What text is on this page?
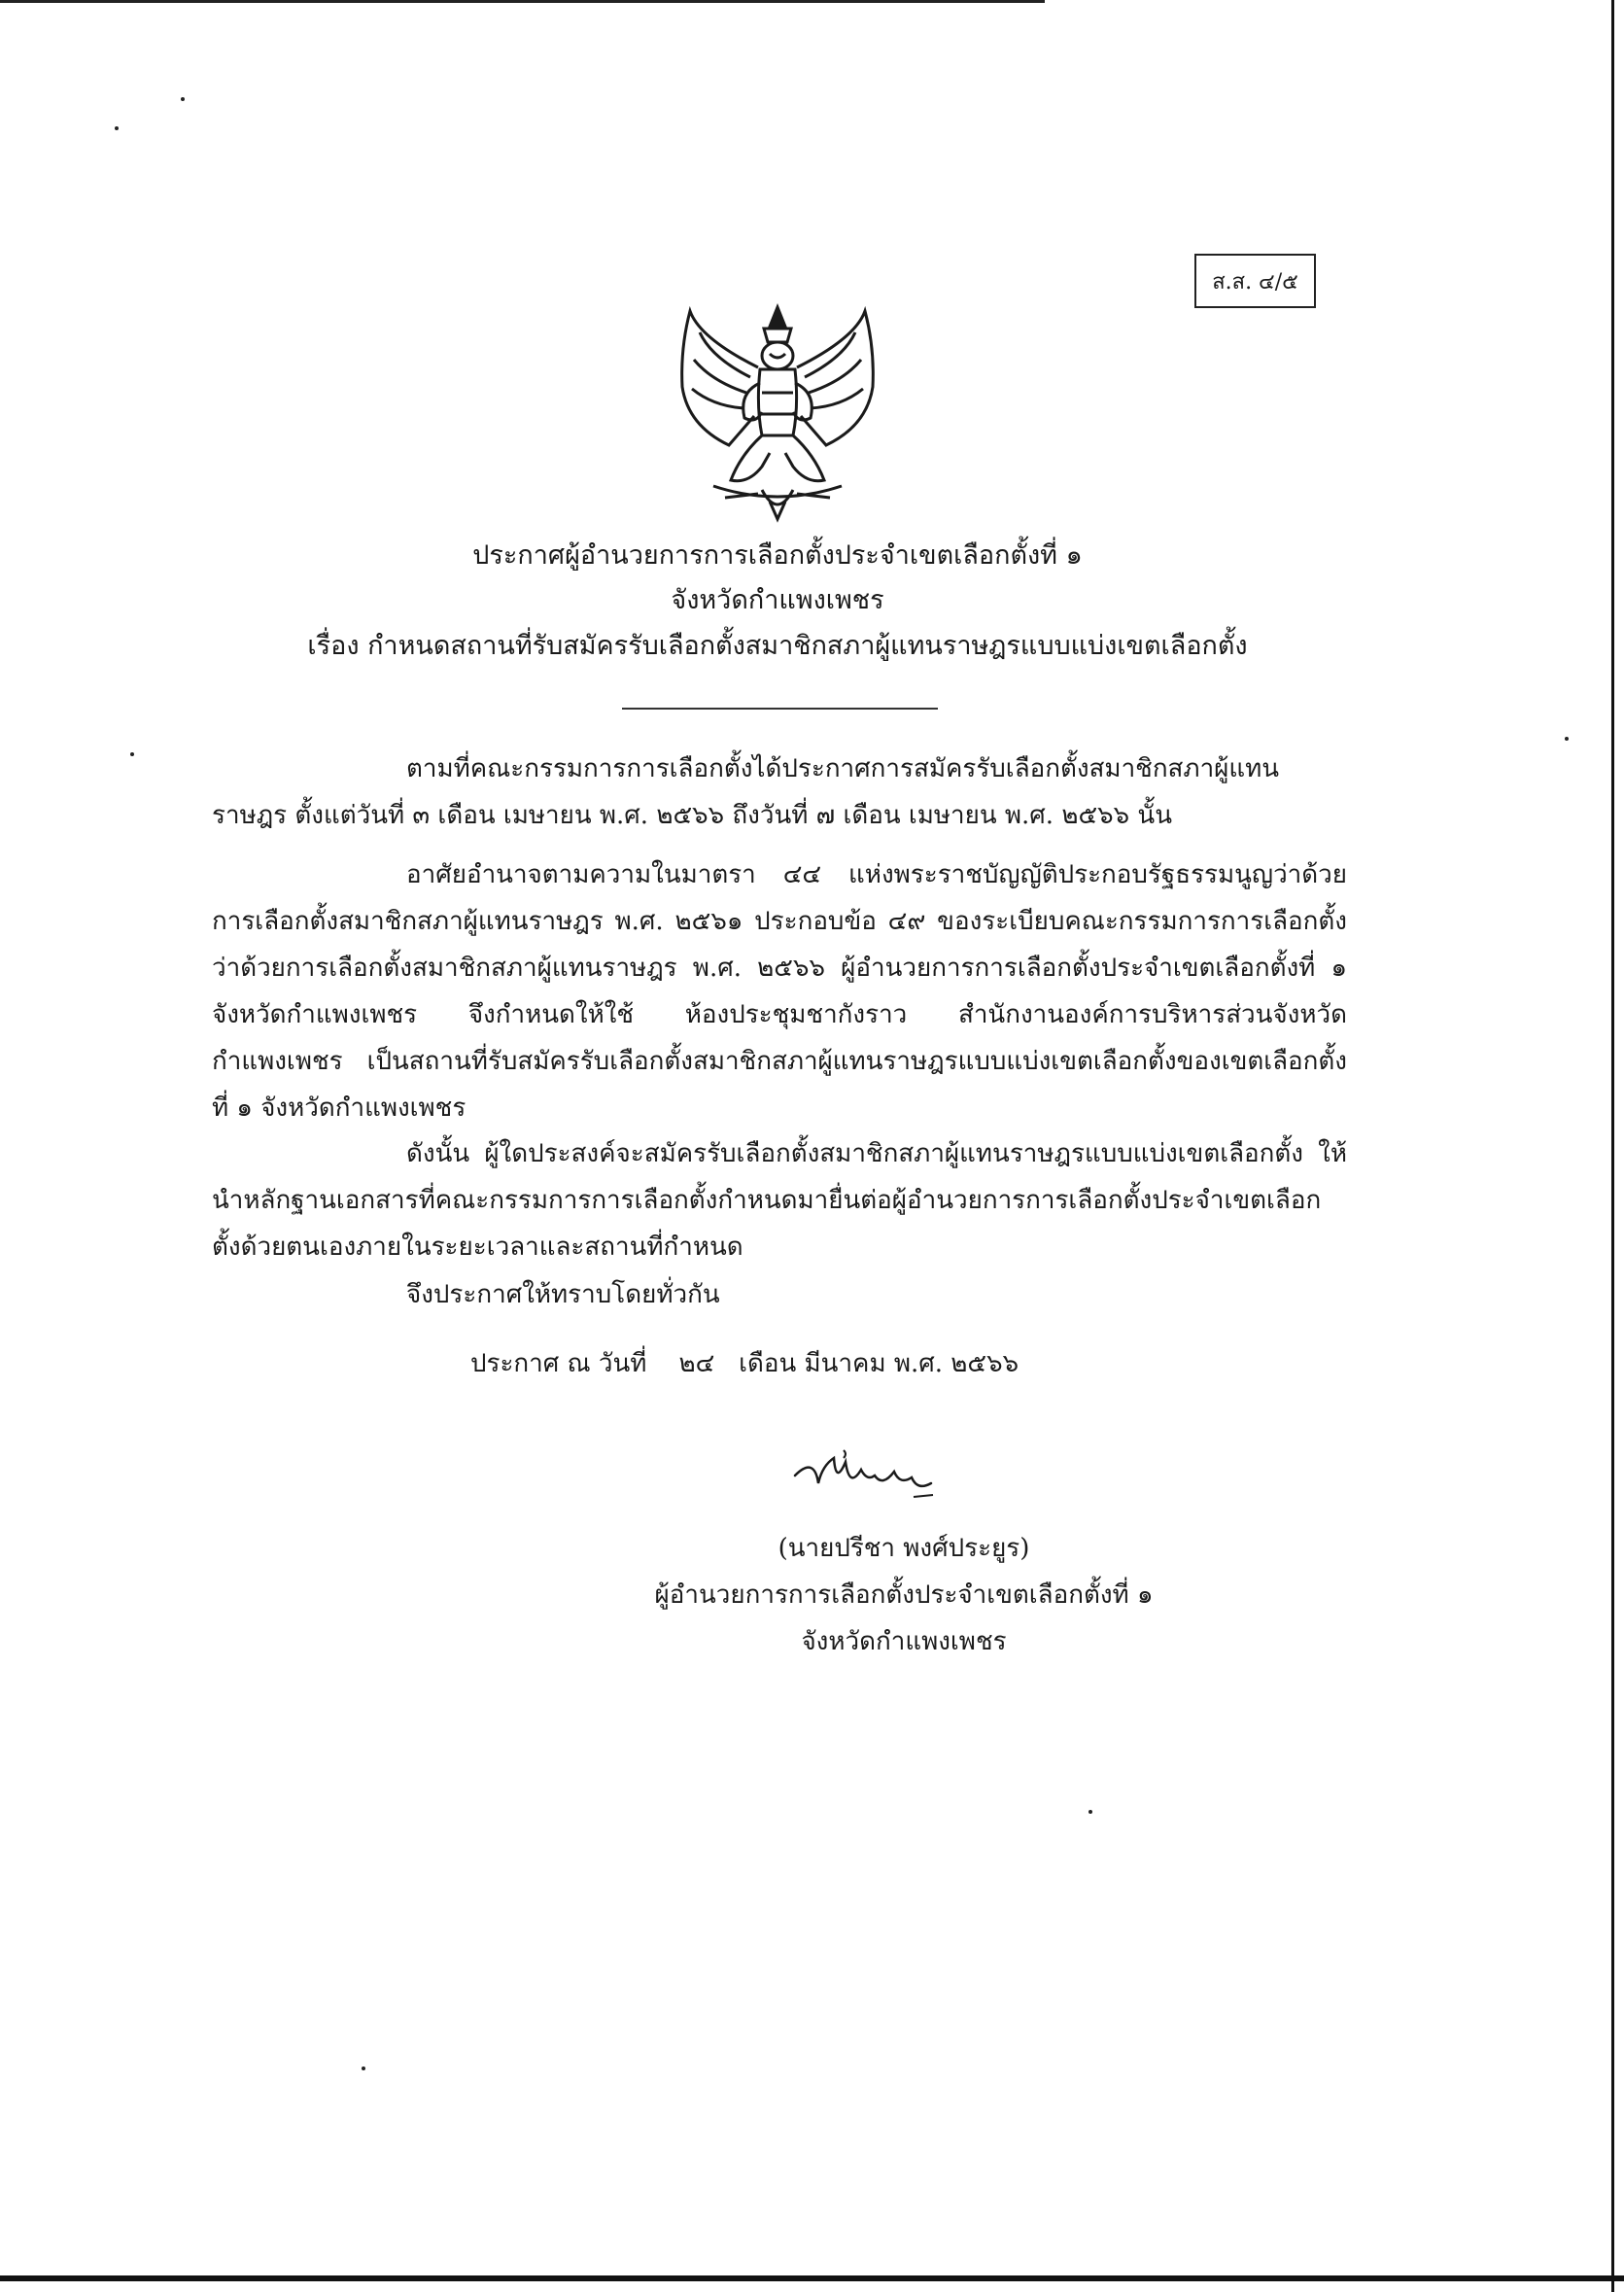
ส.ส. ๔/๕
ประกาศผู้อำนวยการการเลือกตั้งประจำเขตเลือกตั้งที่ ๑
จังหวัดกำแพงเพชร
เรื่อง กำหนดสถานที่รับสมัครรับเลือกตั้งสมาชิกสภาผู้แทนราษฎรแบบแบ่งเขตเลือกตั้ง

ตามที่คณะกรรมการการเลือกตั้งได้ประกาศการสมัครรับเลือกตั้งสมาชิกสภาผู้แทนราษฎร ตั้งแต่วันที่ ๓ เดือน เมษายน พ.ศ. ๒๕๖๖ ถึงวันที่ ๗ เดือน เมษายน พ.ศ. ๒๕๖๖ นั้น

อาศัยอำนาจตามความในมาตรา ๔๔ แห่งพระราชบัญญัติประกอบรัฐธรรมนูญว่าด้วยการเลือกตั้งสมาชิกสภาผู้แทนราษฎร พ.ศ. ๒๕๖๑ ประกอบข้อ ๔๙ ของระเบียบคณะกรรมการการเลือกตั้งว่าด้วยการเลือกตั้งสมาชิกสภาผู้แทนราษฎร พ.ศ. ๒๕๖๖ ผู้อำนวยการการเลือกตั้งประจำเขตเลือกตั้งที่ ๑ จังหวัดกำแพงเพชร จึงกำหนดให้ใช้ ห้องประชุมชากังราว สำนักงานองค์การบริหารส่วนจังหวัดกำแพงเพชร เป็นสถานที่รับสมัครรับเลือกตั้งสมาชิกสภาผู้แทนราษฎรแบบแบ่งเขตเลือกตั้งของเขตเลือกตั้งที่ ๑ จังหวัดกำแพงเพชร

ดังนั้น ผู้ใดประสงค์จะสมัครรับเลือกตั้งสมาชิกสภาผู้แทนราษฎรแบบแบ่งเขตเลือกตั้ง ให้นำหลักฐานเอกสารที่คณะกรรมการการเลือกตั้งกำหนดมายื่นต่อผู้อำนวยการการเลือกตั้งประจำเขตเลือกตั้งด้วยตนเองภายในระยะเวลาและสถานที่กำหนด

จึงประกาศให้ทราบโดยทั่วกัน
ประกาศ ณ วันที่    ๒๔   เดือน มีนาคม พ.ศ. ๒๕๖๖
(นายปรีชา พงศ์ประยูร)
ผู้อำนวยการการเลือกตั้งประจำเขตเลือกตั้งที่ ๑
จังหวัดกำแพงเพชร
